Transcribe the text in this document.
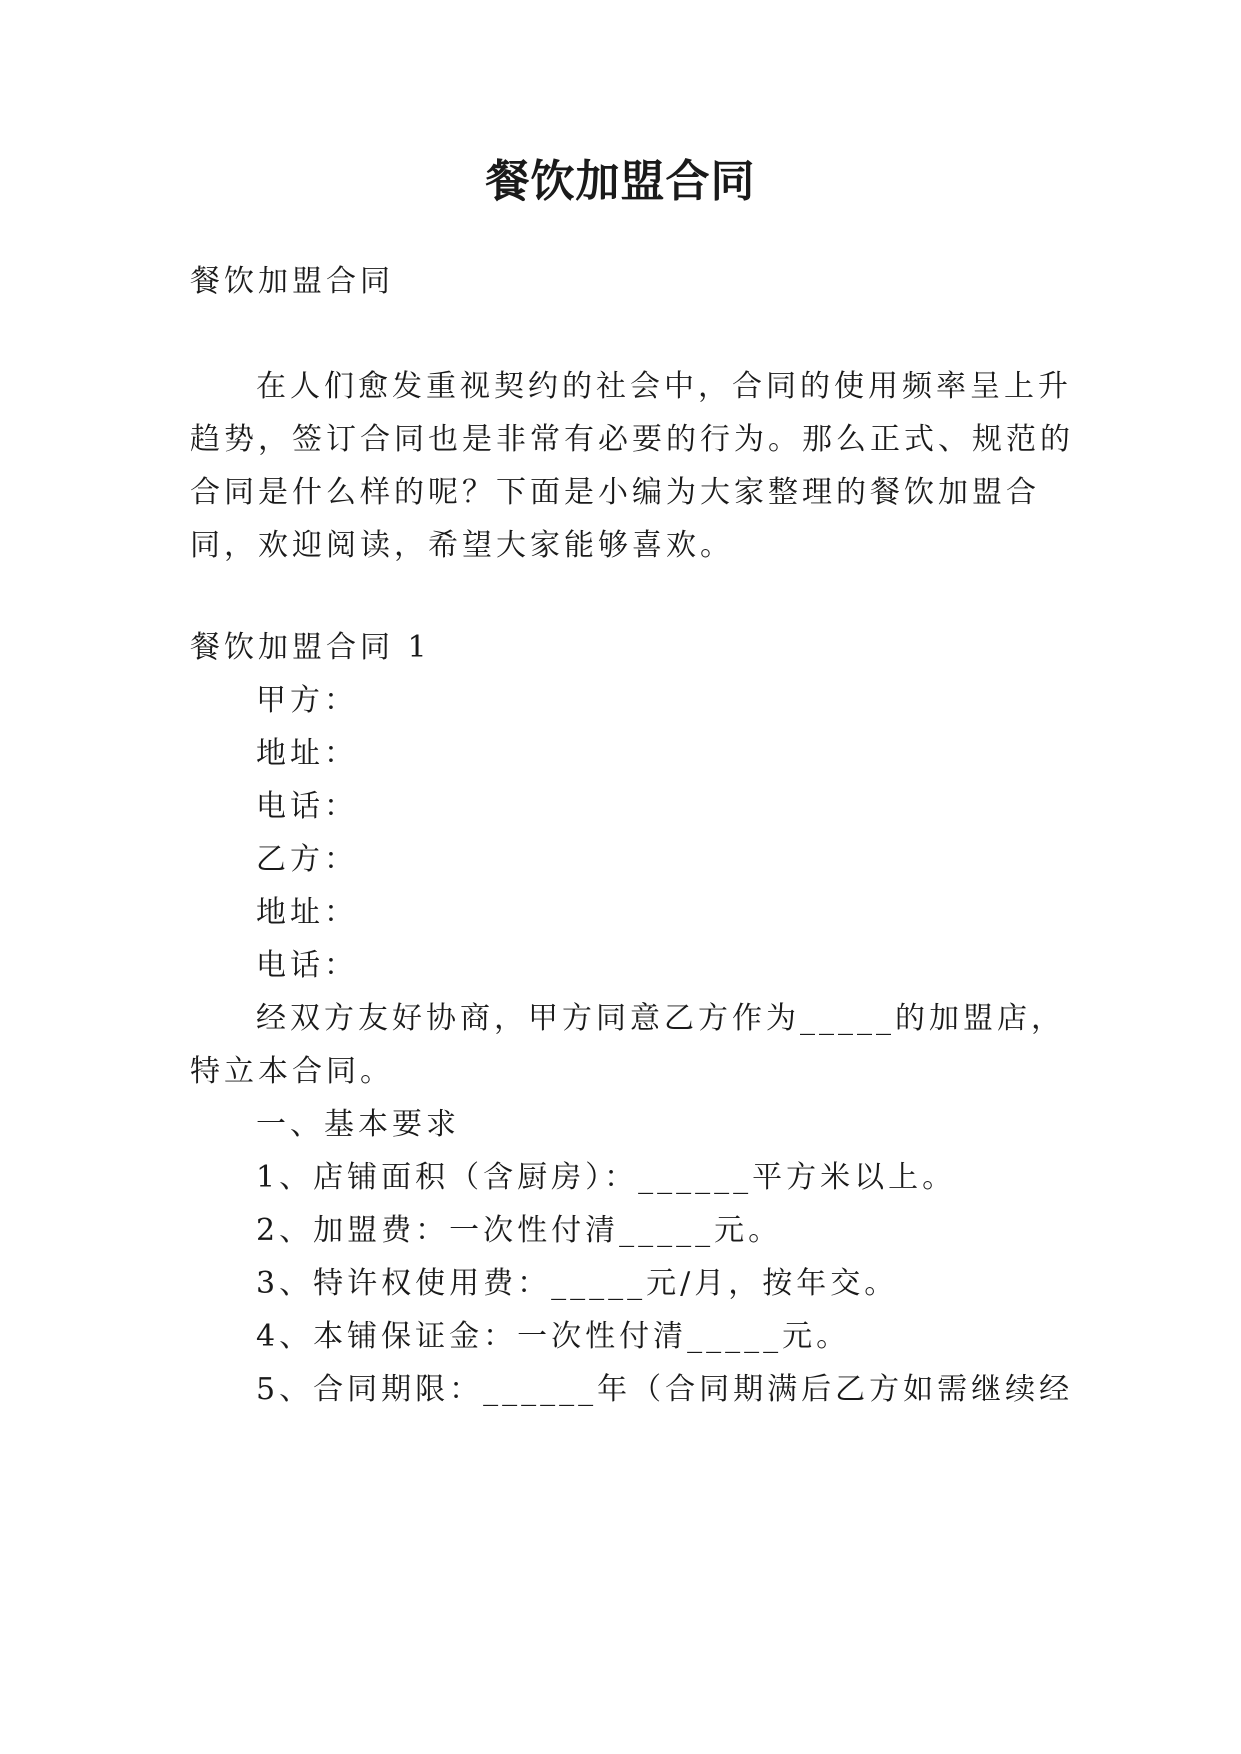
餐饮加盟合同

餐饮加盟合同

在人们愈发重视契约的社会中，合同的使用频率呈上升

趋势，签订合同也是非常有必要的行为。那么正式、规范的

合同是什么样的呢？下面是小编为大家整理的餐饮加盟合

同，欢迎阅读，希望大家能够喜欢。

餐饮加盟合同 1

甲方：

地址：

电话：

乙方：

地址：

电话：

经双方友好协商，甲方同意乙方作为_____的加盟店，

特立本合同。

一、基本要求

1、店铺面积（含厨房）：______平方米以上。

2、加盟费：一次性付清_____元。

3、特许权使用费：_____元/月，按年交。

4、本铺保证金：一次性付清_____元。

5、合同期限：______年（合同期满后乙方如需继续经
